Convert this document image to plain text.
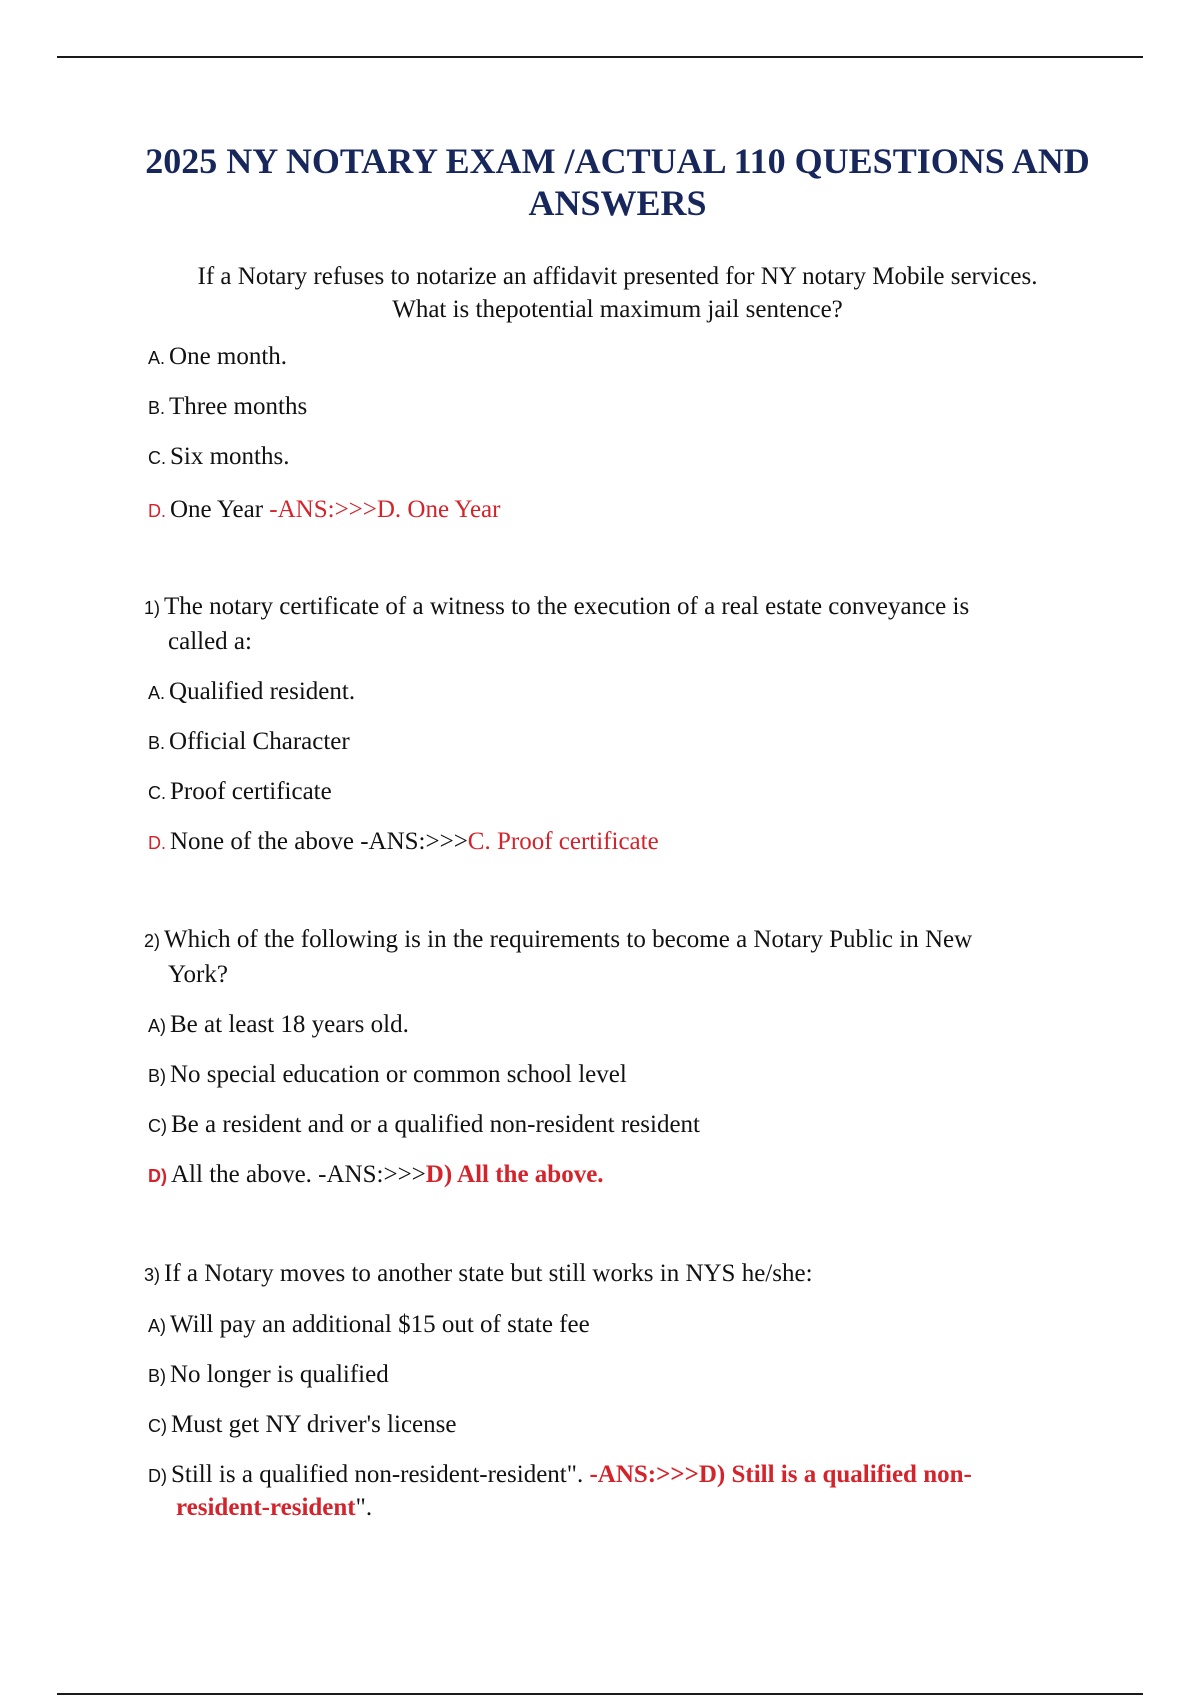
2025 NY NOTARY EXAM /ACTUAL 110 QUESTIONS AND
ANSWERS

If a Notary refuses to notarize an affidavit presented for NY notary Mobile services.
What is thepotential maximum jail sentence?

A. One month.
B. Three months
C. Six months.
D. One Year -ANS:>>>D. One Year
1) The notary certificate of a witness to the execution of a real estate conveyance is
called a:
A. Qualified resident.
B. Official Character
C. Proof certificate
D. None of the above -ANS:>>>C. Proof certificate
2) Which of the following is in the requirements to become a Notary Public in New
York?
A) Be at least 18 years old.
B) No special education or common school level
C) Be a resident and or a qualified non-resident resident
D) All the above. -ANS:>>>D) All the above.
3) If a Notary moves to another state but still works in NYS he/she:
A) Will pay an additional $15 out of state fee
B) No longer is qualified
C) Must get NY driver's license
D) Still is a qualified non-resident-resident". -ANS:>>>D) Still is a qualified non-
resident-resident".
